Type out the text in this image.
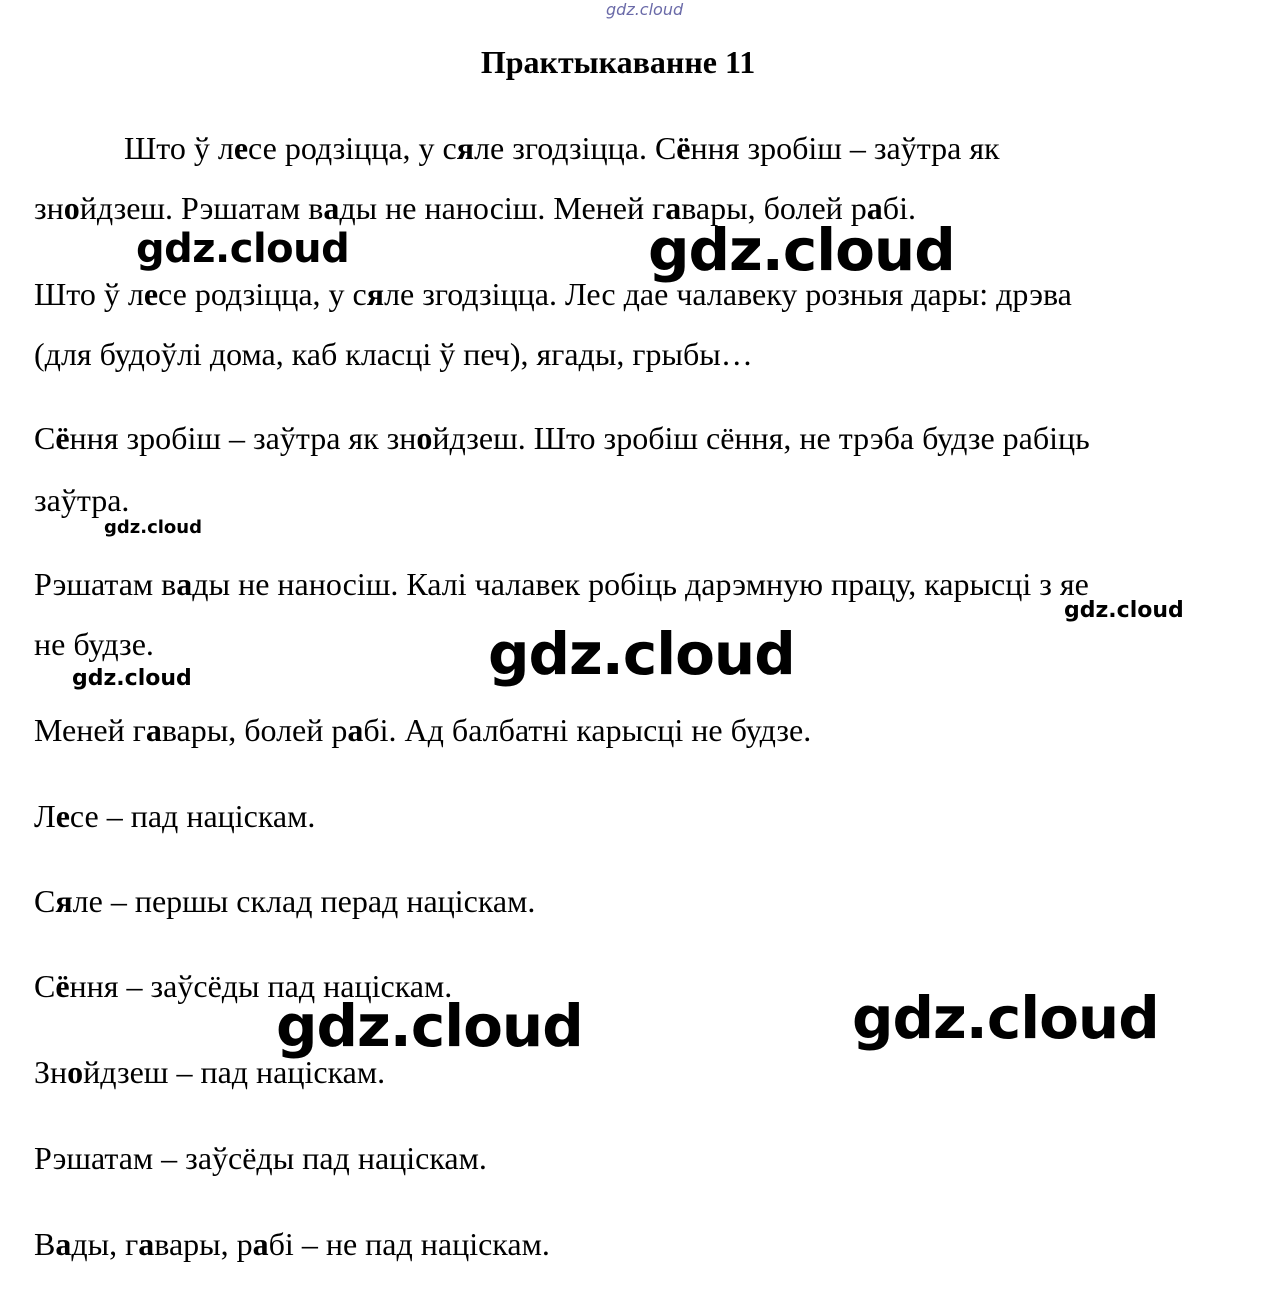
gdz.cloud
Практыкаванне 11
Што ў лесе родзіцца, у сяле згодзіцца. Сёння зробіш – заўтра як
знойдзеш. Рэшатам вады не наносіш. Меней гавары, болей рабі.
gdz.cloud	gdz.cloud
Што ў лесе родзіцца, у сяле згодзіцца. Лес дае чалавеку розныя дары: дрэва
(для будоўлі дома, каб класці ў печ), ягады, грыбы…
Сёння зробіш – заўтра як знойдзеш. Што зробіш сёння, не трэба будзе рабіць
заўтра.
gdz.cloud
Рэшатам вады не наносіш. Калі чалавек робіць дарэмную працу, карысці з яе
gdz.cloud
не будзе.	gdz.cloud
gdz.cloud
Меней гавары, болей рабі. Ад балбатні карысці не будзе.
Лесе – пад націскам.
Сяле – першы склад перад націскам.
Сёння – заўсёды пад націскам.
gdz.cloud	gdz.cloud
Знойдзеш – пад націскам.
Рэшатам – заўсёды пад націскам.
Вады, гавары, рабі – не пад націскам.
